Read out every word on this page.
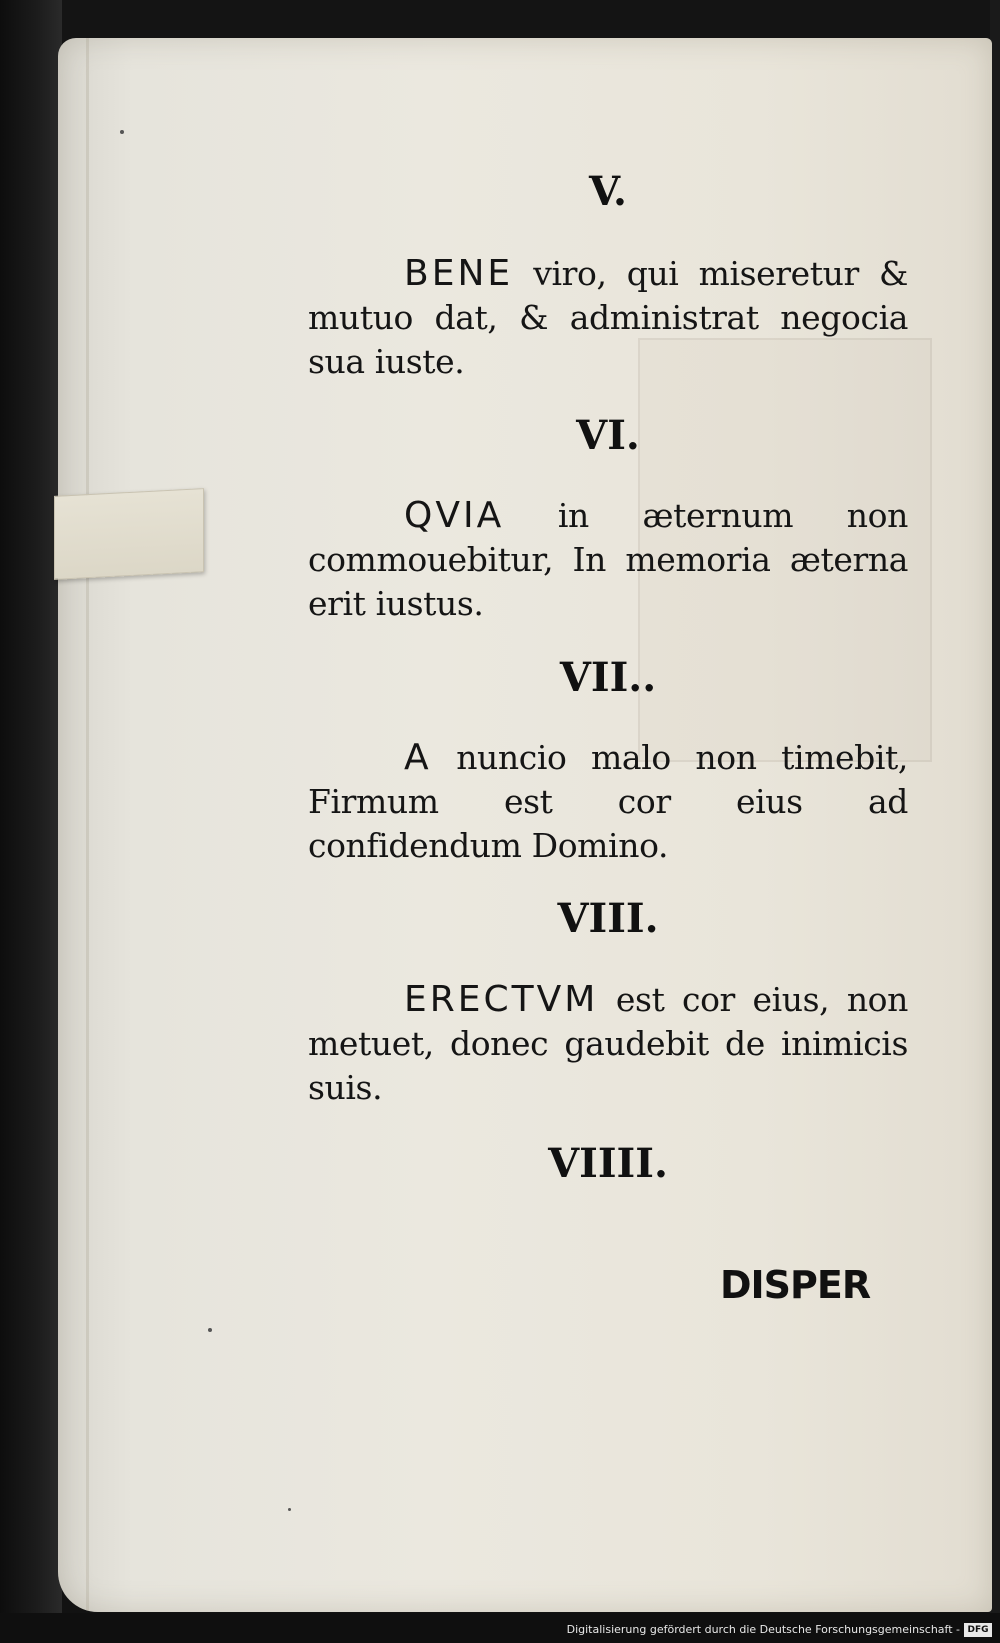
V.

BENE viro, qui miseretur & mutuo dat, & administrat negocia sua iuste.

VI.

QVIA in æternum non commouebitur, In memoria æterna erit iustus.

VII..

A nuncio malo non timebit, Firmum est cor eius ad confidendum Domino.

VIII.

ERECTVM est cor eius, non metuet, donec gaudebit de inimicis suis.

VIIII.
DISPER
Digitalisierung gefördert durch die Deutsche Forschungsgemeinschaft - DFG
